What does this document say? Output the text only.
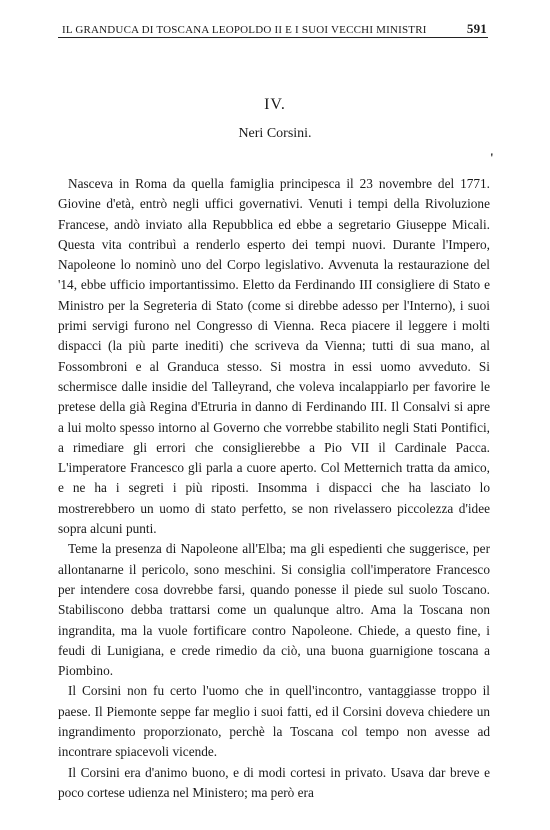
IL GRANDUCA DI TOSCANA LEOPOLDO II E I SUOI VECCHI MINISTRI	591
IV.
Neri Corsini.
'

Nasceva in Roma da quella famiglia principesca il 23 novembre del 1771. Giovine d'età, entrò negli uffici governativi. Venuti i tempi della Rivoluzione Francese, andò inviato alla Repubblica ed ebbe a segretario Giuseppe Micali. Questa vita contribuì a renderlo esperto dei tempi nuovi. Durante l'Impero, Napoleone lo nominò uno del Corpo legislativo. Avvenuta la restaurazione del '14, ebbe ufficio importantissimo. Eletto da Ferdinando III consigliere di Stato e Ministro per la Segreteria di Stato (come si direbbe adesso per l'Interno), i suoi primi servigi furono nel Congresso di Vienna. Reca piacere il leggere i molti dispacci (la più parte inediti) che scriveva da Vienna; tutti di sua mano, al Fossombroni e al Granduca stesso. Si mostra in essi uomo avveduto. Si schermisce dalle insidie del Talleyrand, che voleva incalappiarlo per favorire le pretese della già Regina d'Etruria in danno di Ferdinando III. Il Consalvi si apre a lui molto spesso intorno al Governo che vorrebbe stabilito negli Stati Pontifici, a rimediare gli errori che consiglierebbe a Pio VII il Cardinale Pacca. L'imperatore Francesco gli parla a cuore aperto. Col Metternich tratta da amico, e ne ha i segreti i più riposti. Insomma i dispacci che ha lasciato lo mostrerebbero un uomo di stato perfetto, se non rivelassero piccolezza d'idee sopra alcuni punti.

Teme la presenza di Napoleone all'Elba; ma gli espedienti che suggerisce, per allontanarne il pericolo, sono meschini. Si consiglia coll'imperatore Francesco per intendere cosa dovrebbe farsi, quando ponesse il piede sul suolo Toscano. Stabiliscono debba trattarsi come un qualunque altro. Ama la Toscana non ingrandita, ma la vuole fortificare contro Napoleone. Chiede, a questo fine, i feudi di Lunigiana, e crede rimedio da ciò, una buona guarnigione toscana a Piombino.

Il Corsini non fu certo l'uomo che in quell'incontro, vantaggiasse troppo il paese. Il Piemonte seppe far meglio i suoi fatti, ed il Corsini doveva chiedere un ingrandimento proporzionato, perchè la Toscana col tempo non avesse ad incontrare spiacevoli vicende.

Il Corsini era d'animo buono, e di modi cortesi in privato. Usava dar breve e poco cortese udienza nel Ministero; ma però era
